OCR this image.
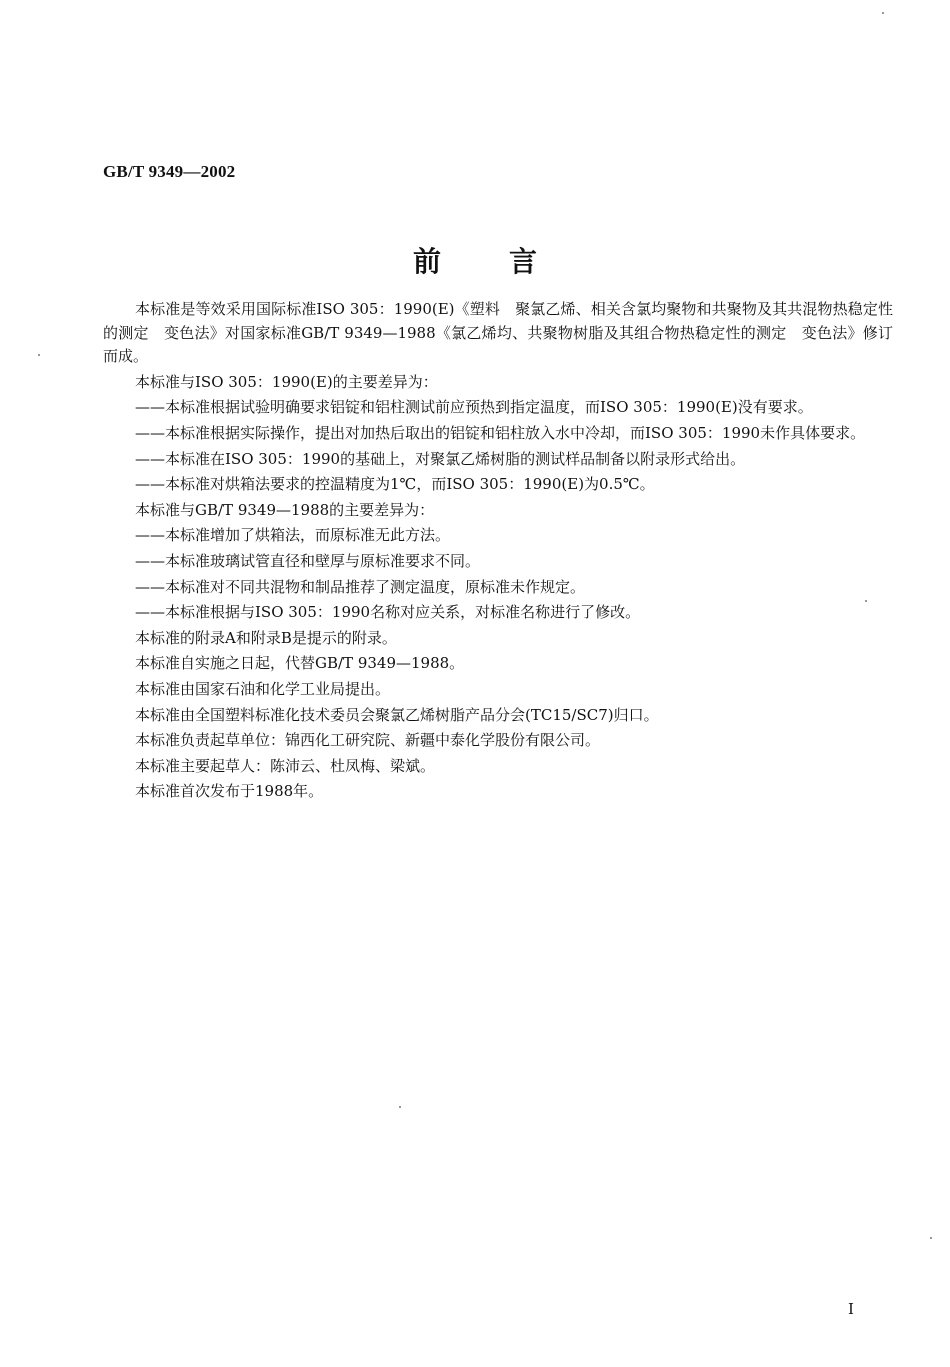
GB/T 9349—2002
前言

本标准是等效采用国际标准ISO 305：1990(E)《塑料　聚氯乙烯、相关含氯均聚物和共聚物及其共混物热稳定性的测定　变色法》对国家标准GB/T 9349—1988《氯乙烯均、共聚物树脂及其组合物热稳定性的测定　变色法》修订而成。

本标准与ISO 305：1990(E)的主要差异为：

——本标准根据试验明确要求铝锭和铝柱测试前应预热到指定温度，而ISO 305：1990(E)没有要求。

——本标准根据实际操作，提出对加热后取出的铝锭和铝柱放入水中冷却，而ISO 305：1990未作具体要求。

——本标准在ISO 305：1990的基础上，对聚氯乙烯树脂的测试样品制备以附录形式给出。

——本标准对烘箱法要求的控温精度为1℃，而ISO 305：1990(E)为0.5℃。

本标准与GB/T 9349—1988的主要差异为：

——本标准增加了烘箱法，而原标准无此方法。

——本标准玻璃试管直径和壁厚与原标准要求不同。

——本标准对不同共混物和制品推荐了测定温度，原标准未作规定。

——本标准根据与ISO 305：1990名称对应关系，对标准名称进行了修改。

本标准的附录A和附录B是提示的附录。

本标准自实施之日起，代替GB/T 9349—1988。

本标准由国家石油和化学工业局提出。

本标准由全国塑料标准化技术委员会聚氯乙烯树脂产品分会(TC15/SC7)归口。

本标准负责起草单位：锦西化工研究院、新疆中泰化学股份有限公司。

本标准主要起草人：陈沛云、杜凤梅、梁斌。

本标准首次发布于1988年。

I
